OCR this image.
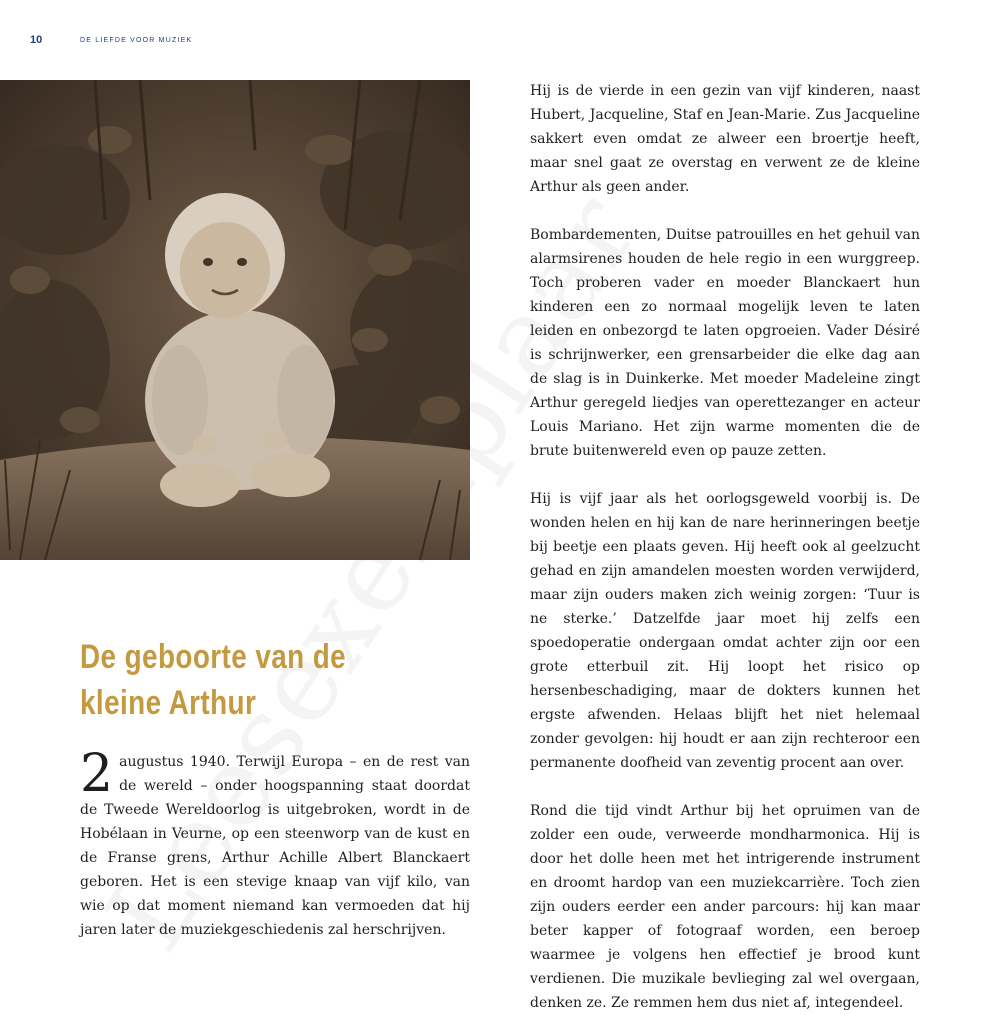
10	DE LIEFDE VOOR MUZIEK
De geboorte van de
kleine Arthur

2 augustus 1940. Terwijl Europa – en de rest van de wereld – onder hoogspanning staat doordat de Tweede Wereldoorlog is uitgebroken, wordt in de Hobélaan in Veurne, op een steenworp van de kust en de Franse grens, Arthur Achille Albert Blanckaert geboren. Het is een stevige knaap van vijf kilo, van wie op dat moment niemand kan vermoeden dat hij jaren later de muziekgeschiedenis zal herschrijven.

Hij is de vierde in een gezin van vijf kinderen, naast Hubert, Jacqueline, Staf en Jean-Marie. Zus Jacqueline sakkert even omdat ze alweer een broertje heeft, maar snel gaat ze overstag en verwent ze de kleine Arthur als geen ander.

Bombardementen, Duitse patrouilles en het gehuil van alarmsirenes houden de hele regio in een wurggreep. Toch proberen vader en moeder Blanckaert hun kinderen een zo normaal mogelijk leven te laten leiden en onbezorgd te laten opgroeien. Vader Désiré is schrijnwerker, een grensarbeider die elke dag aan de slag is in Duinkerke. Met moeder Madeleine zingt Arthur geregeld liedjes van operettezanger en acteur Louis Mariano. Het zijn warme momenten die de brute buitenwereld even op pauze zetten.

Hij is vijf jaar als het oorlogsgeweld voorbij is. De wonden helen en hij kan de nare herinneringen beetje bij beetje een plaats geven. Hij heeft ook al geelzucht gehad en zijn amandelen moesten worden verwijderd, maar zijn ouders maken zich weinig zorgen: ‘Tuur is ne sterke.’ Datzelfde jaar moet hij zelfs een spoedoperatie ondergaan omdat achter zijn oor een grote etterbuil zit. Hij loopt het risico op hersenbeschadiging, maar de dokters kunnen het ergste afwenden. Helaas blijft het niet helemaal zonder gevolgen: hij houdt er aan zijn rechteroor een permanente doofheid van zeventig procent aan over.

Rond die tijd vindt Arthur bij het opruimen van de zolder een oude, verweerde mondharmonica. Hij is door het dolle heen met het intrigerende instrument en droomt hardop van een muziekcarrière. Toch zien zijn ouders eerder een ander parcours: hij kan maar beter kapper of fotograaf worden, een beroep waarmee je volgens hen effectief je brood kunt verdienen. Die muzikale bevlieging zal wel overgaan, denken ze. Ze remmen hem dus niet af, integendeel.
